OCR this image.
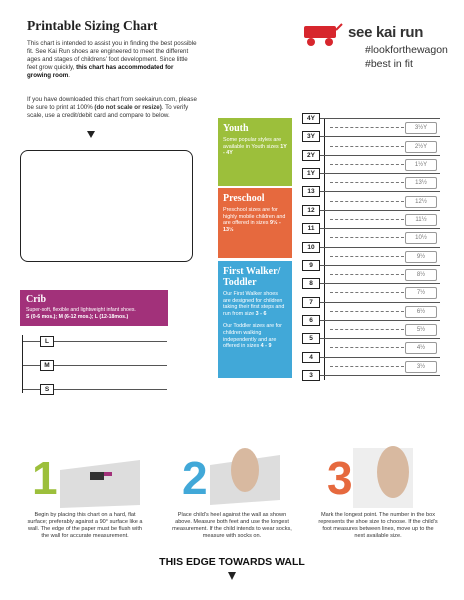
Printable Sizing Chart
This chart is intended to assist you in finding the best possible fit. See Kai Run shoes are engineered to meet the different ages and stages of childrens’ foot development. Since little feet grow quickly, this chart has accommodated for growing room.
If you have downloaded this chart from seekairun.com, please be sure to print at 100% (do not scale or resize). To verify scale, use a credit/debit card and compare to below.
see kai run
#lookforthewagon
#best in fit
Youth
Some popular styles are available in Youth sizes 1Y - 4Y
Preschool
Preschool sizes are for highly mobile children and are offered in sizes 9½ - 13½
First Walker/ Toddler
Our First Walker shoes are designed for children taking their first steps and run from size 3 - 6
Our Toddler sizes are for children walking independently and are offered in sizes 4 - 9
Crib
Super-soft, flexible and lightweight infant shoes.
S (0-6 mos.); M (6-12 mos.); L (12-18mos.)
4Y
3Y
2Y
1Y
13
12
11
10
9
8
7
6
5
4
3
3½Y
2½Y
1½Y
13½
12½
11½
10½
9½
8½
7½
6½
5½
4½
3½
L
M
S
1	2	3
Begin by placing this chart on a hard, flat surface; preferably against a 90° surface like a wall. The edge of the paper must be flush with the wall for accurate measurement.
Place child’s heel against the wall as shown above. Measure both feet and use the longest measurement. If the child intends to wear socks, measure with socks on.
Mark the longest point. The number in the box represents the shoe size to choose. If the child’s foot measures between lines, move up to the next available size.
THIS EDGE TOWARDS WALL
